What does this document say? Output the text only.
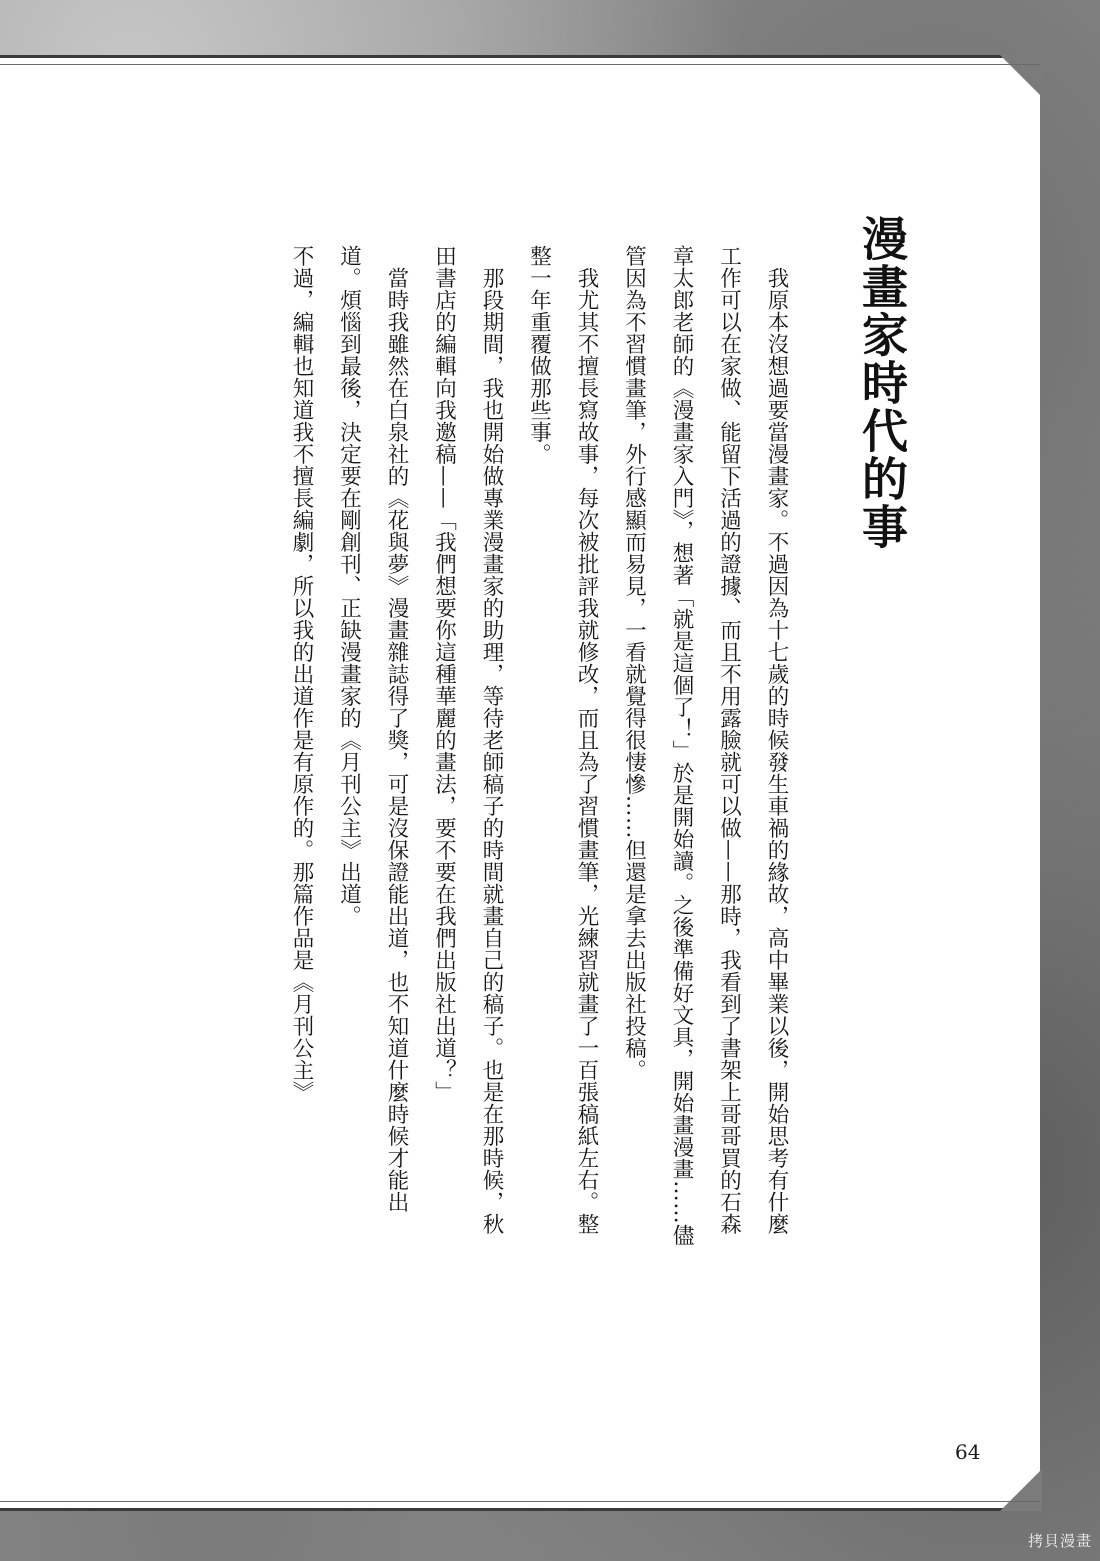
漫畫家時代的事

我原本沒想過要當漫畫家。不過因為十七歲的時候發生車禍的緣故，高中畢業以後，開始思考有什麼工作可以在家做、能留下活過的證據、而且不用露臉就可以做——那時，我看到了書架上哥哥買的石森章太郎老師的《漫畫家入門》，想著「就是這個了！」於是開始讀。之後準備好文具，開始畫漫畫……儘管因為不習慣畫筆，外行感顯而易見，一看就覺得很悽慘……但還是拿去出版社投稿。

我尤其不擅長寫故事，每次被批評我就修改，而且為了習慣畫筆，光練習就畫了一百張稿紙左右。整整一年重覆做那些事。

那段期間，我也開始做專業漫畫家的助理，等待老師稿子的時間就畫自己的稿子。也是在那時候，秋田書店的編輯向我邀稿——「我們想要你這種華麗的畫法，要不要在我們出版社出道？」

當時我雖然在白泉社的《花與夢》漫畫雜誌得了獎，可是沒保證能出道，也不知道什麼時候才能出道。煩惱到最後，決定要在剛創刊、正缺漫畫家的《月刊公主》出道。

不過，編輯也知道我不擅長編劇，所以我的出道作是有原作的。那篇作品是《月刊公主》

64
拷貝漫畫
